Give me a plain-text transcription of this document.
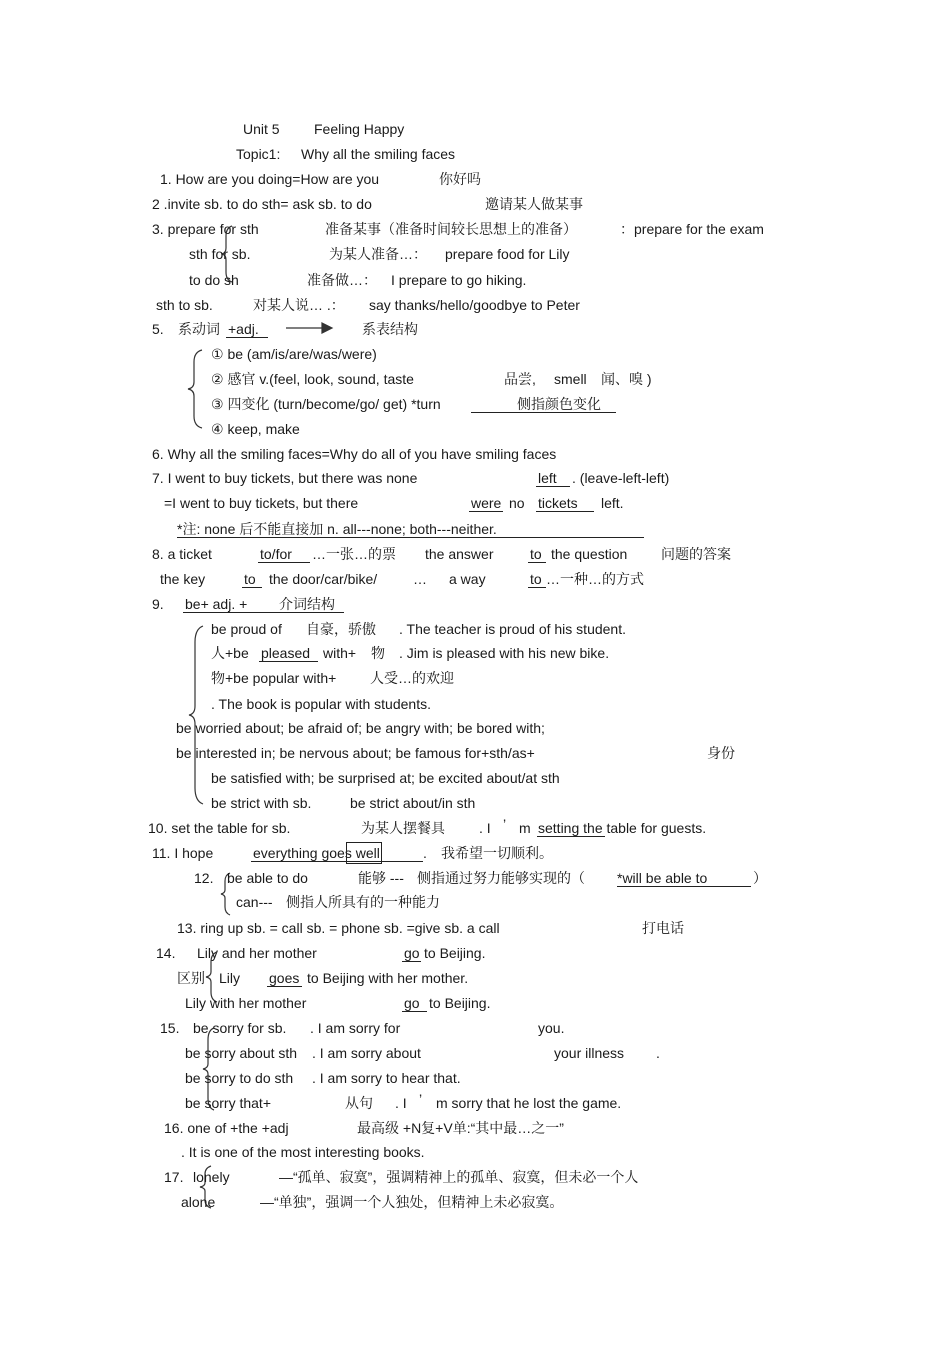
Unit 5 Feeling Happy
Topic1: Why all the smiling faces
1. How are you doing=How are you	你好吗
2 .invite sb. to do sth= ask sb. to do	邀请某人做某事
3. prepare for sth	准备某事（准备时间较长思想上的准备）	：prepare for the exam
sth for sb.	为某人准备…： prepare food for Lily
to do sh	准备做…： I prepare to go hiking.
sth to sb.	对某人说… .： say thanks/hello/goodbye to Peter
5. 系动词 +adj.	系表结构
① be (am/is/are/was/were)
② 感官 v.(feel, look, sound, taste	品尝, smell 闻、嗅 )
③ 四变化 (turn/become/go/ get) *turn	侧指颜色变化
④ keep, make
6. Why all the smiling faces=Why do all of you have smiling faces
7. I went to buy tickets, but there was none	left . (leave-left-left)
=I went to buy tickets, but there	were no tickets left.
*注: none 后不能直接加 n. all---none; both---neither.
8. a ticket	to/for …一张…的票 the answer	to the question 问题的答案
the key	to the door/car/bike/	… a way	to …一种…的方式
9. be+ adj. + 介词结构
be proud of 自豪，骄傲 . The teacher is proud of his student.
人+be pleased with+ 物 . Jim is pleased with his new bike.
物+be popular with+ 人受…的欢迎
. The book is popular with students.
be worried about; be afraid of; be angry with; be bored with;
be interested in; be nervous about; be famous for+sth/as+	身份
be satisfied with; be surprised at; be excited about/at sth
be strict with sb.	be strict about/in sth
10. set the table for sb.	为某人摆餐具 . I ’ m setting the table for guests.
11. I hope	everything goes well	. 我希望一切顺利。
12. be able to do	能够 --- 侧指通过努力能够实现的（ *will be able to	）
can--- 侧指人所具有的一种能力
13. ring up sb. = call sb. = phone sb. =give sb. a call	打电话
14. Lily and her mother	go to Beijing.
区别 Lily goes to Beijing with her mother.
Lily with her mother	go to Beijing.
15. be sorry for sb. . I am sorry for	you.
be sorry about sth . I am sorry about	your illness .
be sorry to do sth . I am sorry to hear that.
be sorry that+	从句 . I ’ m sorry that he lost the game.
16. one of +the +adj	最高级 +N复+V单:“其中最…之一”
. It is one of the most interesting books.
17. lonely	—“孤单、寂寞”，强调精神上的孤单、寂寞，但未必一个人
alone	—“单独”，强调一个人独处，但精神上未必寂寞。
